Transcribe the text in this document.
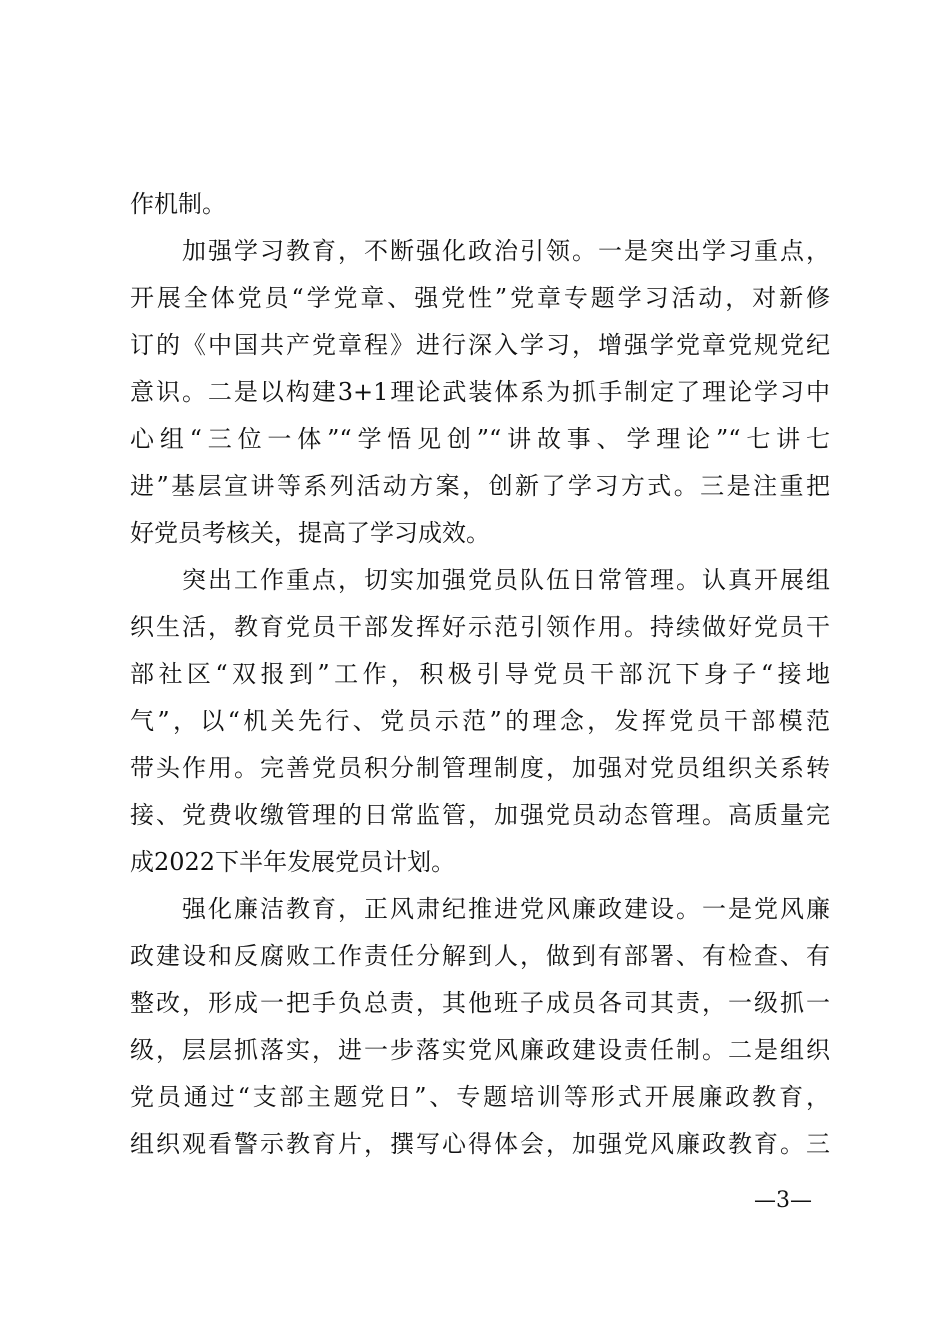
作机制。
　　加强学习教育，不断强化政治引领。一是突出学习重点，
开展全体党员“学党章、强党性”党章专题学习活动，对新修
订的《中国共产党章程》进行深入学习，增强学党章党规党纪
意识。二是以构建3+1理论武装体系为抓手制定了理论学习中
心组“三位一体”“学悟见创”“讲故事、学理论”“七讲七
进”基层宣讲等系列活动方案，创新了学习方式。三是注重把
好党员考核关，提高了学习成效。
　　突出工作重点，切实加强党员队伍日常管理。认真开展组
织生活，教育党员干部发挥好示范引领作用。持续做好党员干
部社区“双报到”工作，积极引导党员干部沉下身子“接地
气”，以“机关先行、党员示范”的理念，发挥党员干部模范
带头作用。完善党员积分制管理制度，加强对党员组织关系转
接、党费收缴管理的日常监管，加强党员动态管理。高质量完
成2022下半年发展党员计划。
　　强化廉洁教育，正风肃纪推进党风廉政建设。一是党风廉
政建设和反腐败工作责任分解到人，做到有部署、有检查、有
整改，形成一把手负总责，其他班子成员各司其责，一级抓一
级，层层抓落实，进一步落实党风廉政建设责任制。二是组织
党员通过“支部主题党日”、专题培训等形式开展廉政教育，
组织观看警示教育片，撰写心得体会，加强党风廉政教育。三
—3—
